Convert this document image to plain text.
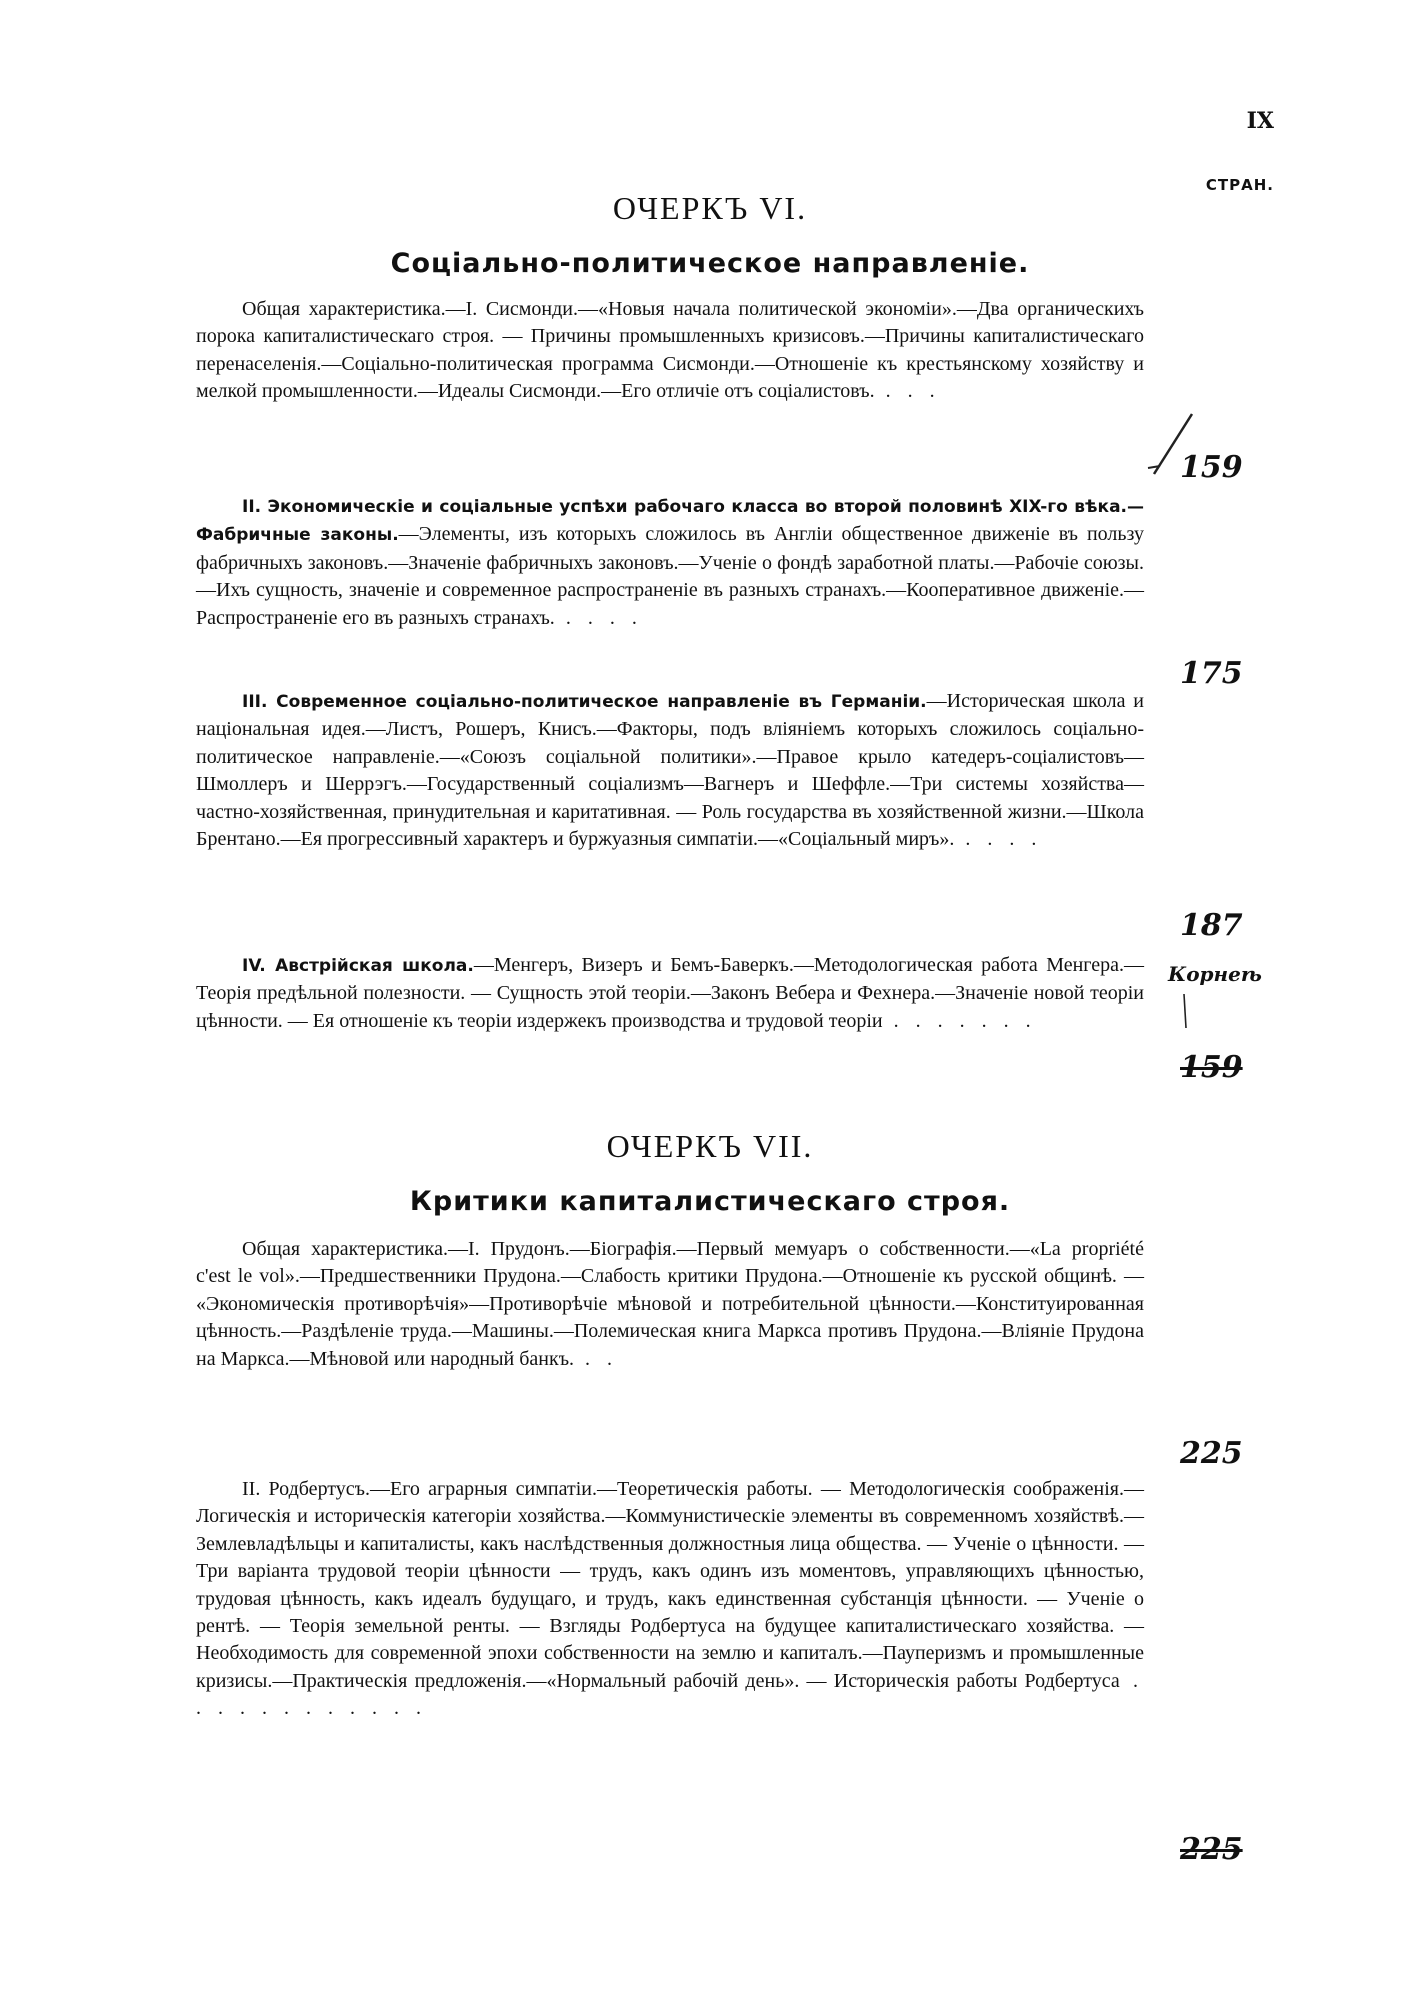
IX
СТРАН.
ОЧЕРКЪ VI.
Соціально-политическое направленіе.
Общая характеристика.—I. Сисмонди.—«Новыя начала политической экономіи».—Два органическихъ порока капиталистическаго строя. — Причины промышленныхъ кризисовъ.—Причины капиталистическаго перенаселенія.—Соціально-политическая программа Сисмонди.—Отношеніе къ крестьянскому хозяйству и мелкой промышленности.—Идеалы Сисмонди.—Его отличіе отъ соціалистовъ. . . .
159
II. Экономическіе и соціальные успѣхи рабочаго класса во второй половинѣ XIX-го вѣка.—Фабричные законы.—Элементы, изъ которыхъ сложилось въ Англіи общественное движеніе въ пользу фабричныхъ законовъ.—Значеніе фабричныхъ законовъ.—Ученіе о фондѣ заработной платы.—Рабочіе союзы.—Ихъ сущность, значеніе и современное распространеніе въ разныхъ странахъ.—Кооперативное движеніе.—Распространеніе его въ разныхъ странахъ. . . . .
175
III. Современное соціально-политическое направленіе въ Германіи.—Историческая школа и національная идея.—Листъ, Рошеръ, Книсъ.—Факторы, подъ вліяніемъ которыхъ сложилось соціально-политическое направленіе.—«Союзъ соціальной политики».—Правое крыло катедеръ-соціалистовъ—Шмоллеръ и Шеррэгъ.—Государственный соціализмъ—Вагнеръ и Шеффле.—Три системы хозяйства—частно-хозяйственная, принудительная и каритативная. — Роль государства въ хозяйственной жизни.—Школа Брентано.—Ея прогрессивный характеръ и буржуазныя симпатіи.—«Соціальный миръ». . . . .
187
IV. Австрійская школа.—Менгеръ, Визеръ и Бемъ-Баверкъ.—Методологическая работа Менгера.—Теорія предѣльной полезности. — Сущность этой теоріи.—Законъ Вебера и Фехнера.—Значеніе новой теоріи цѣнности. — Ея отношеніе къ теоріи издержекъ производства и трудовой теоріи . . . . . . .
Корнеѣ
159
ОЧЕРКЪ VII.
Критики капиталистическаго строя.
Общая характеристика.—I. Прудонъ.—Біографія.—Первый мемуаръ о собственности.—«La propriété c'est le vol».—Предшественники Прудона.—Слабость критики Прудона.—Отношеніе къ русской общинѣ. — «Экономическія противорѣчія»—Противорѣчіе мѣновой и потребительной цѣнности.—Конституированная цѣнность.—Раздѣленіе труда.—Машины.—Полемическая книга Маркса противъ Прудона.—Вліяніе Прудона на Маркса.—Мѣновой или народный банкъ. . .
225
II. Родбертусъ.—Его аграрныя симпатіи.—Теоретическія работы. — Методологическія соображенія.—Логическія и историческія категоріи хозяйства.—Коммунистическіе элементы въ современномъ хозяйствѣ.—Землевладѣльцы и капиталисты, какъ наслѣдственныя должностныя лица общества. — Ученіе о цѣнности. — Три варіанта трудовой теоріи цѣнности — трудъ, какъ одинъ изъ моментовъ, управляющихъ цѣнностью, трудовая цѣнность, какъ идеалъ будущаго, и трудъ, какъ единственная субстанція цѣнности. — Ученіе о рентѣ. — Теорія земельной ренты. — Взгляды Родбертуса на будущее капиталистическаго хозяйства. — Необходимость для современной эпохи собственности на землю и капиталъ.—Пауперизмъ и промышленные кризисы.—Практическія предложенія.—«Нормальный рабочій день». — Историческія работы Родбертуса . . . . . . . . . . . .
225
